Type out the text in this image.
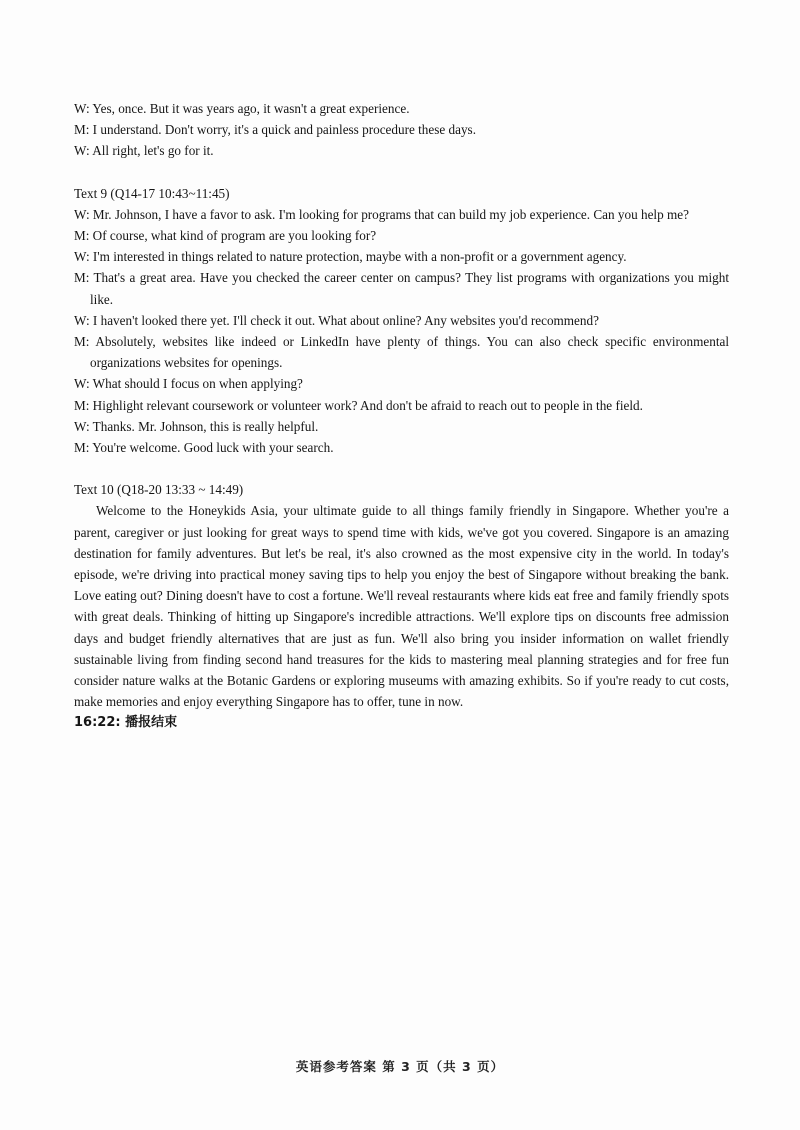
W: Yes, once. But it was years ago, it wasn't a great experience.

M: I understand. Don't worry, it's a quick and painless procedure these days.

W: All right, let's go for it.

Text 9 (Q14-17 10:43~11:45)

W: Mr. Johnson, I have a favor to ask. I'm looking for programs that can build my job experience. Can you help me?

M: Of course, what kind of program are you looking for?

W: I'm interested in things related to nature protection, maybe with a non-profit or a government agency.

M: That's a great area. Have you checked the career center on campus? They list programs with organizations you might like.

W: I haven't looked there yet. I'll check it out. What about online? Any websites you'd recommend?

M: Absolutely, websites like indeed or LinkedIn have plenty of things. You can also check specific environmental organizations websites for openings.

W: What should I focus on when applying?

M: Highlight relevant coursework or volunteer work? And don't be afraid to reach out to people in the field.

W: Thanks. Mr. Johnson, this is really helpful.

M: You're welcome. Good luck with your search.

Text 10 (Q18-20 13:33 ~ 14:49)

Welcome to the Honeykids Asia, your ultimate guide to all things family friendly in Singapore. Whether you're a parent, caregiver or just looking for great ways to spend time with kids, we've got you covered. Singapore is an amazing destination for family adventures. But let's be real, it's also crowned as the most expensive city in the world. In today's episode, we're driving into practical money saving tips to help you enjoy the best of Singapore without breaking the bank. Love eating out? Dining doesn't have to cost a fortune. We'll reveal restaurants where kids eat free and family friendly spots with great deals. Thinking of hitting up Singapore's incredible attractions. We'll explore tips on discounts free admission days and budget friendly alternatives that are just as fun. We'll also bring you insider information on wallet friendly sustainable living from finding second hand treasures for the kids to mastering meal planning strategies and for free fun consider nature walks at the Botanic Gardens or exploring museums with amazing exhibits. So if you're ready to cut costs, make memories and enjoy everything Singapore has to offer, tune in now.

16:22: 播报结束

英语参考答案 第 3 页（共 3 页）
